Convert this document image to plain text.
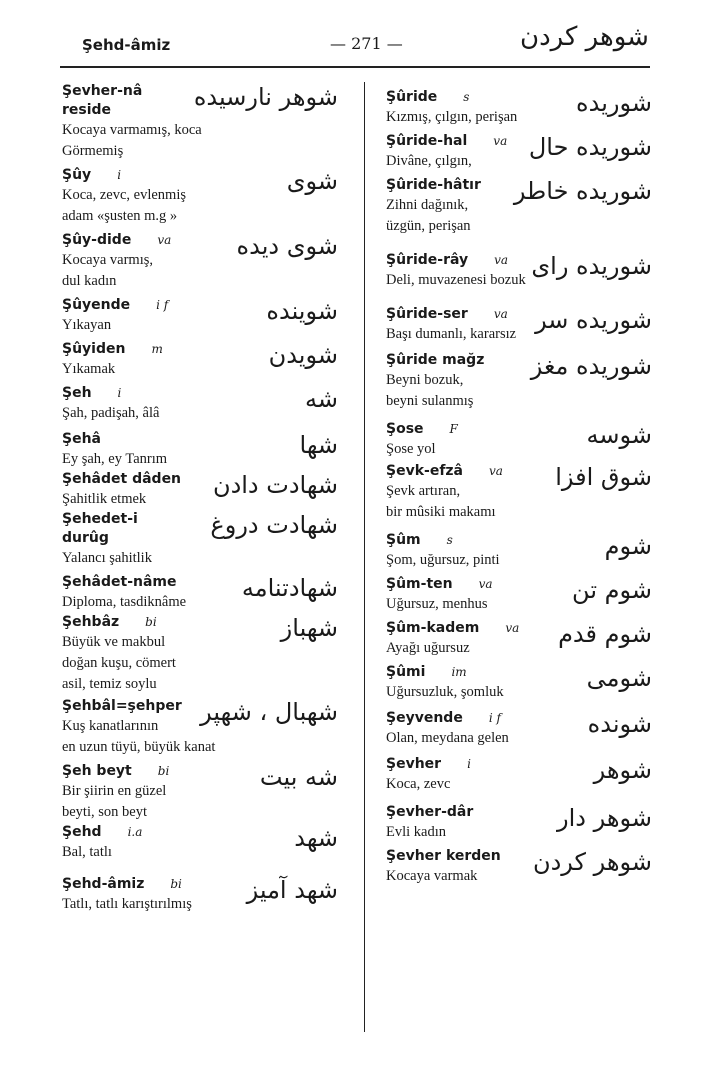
Şehd-âmiz	— 271 —	شوهر كردن
Şevher-nâ
reside	شوهر نارسيده
Kocaya varmamış, koca
Görmemiş
Şûy i	شوى
Koca, zevc, evlenmiş
adam «şusten m.g »
Şûy-dide va	شوى ديده
Kocaya varmış,
dul kadın
Şûyende i f	شوينده
Yıkayan
Şûyiden m	شويدن
Yıkamak
Şeh i	شه
Şah, padişah, âlâ
Şehâ	شها
Ey şah, ey Tanrım
Şehâdet dâden	شهادت دادن
Şahitlik etmek
Şehedet-i
durûg	شهادت دروغ
Yalancı şahitlik
Şehâdet-nâme	شهادتنامه
Diploma, tasdiknâme
Şehbâz bi	شهباز
Büyük ve makbul
doğan kuşu, cömert
asil, temiz soylu
Şehbâl=şehper شهبال ، شهپر
Kuş kanatlarının
en uzun tüyü, büyük kanat
Şeh beyt bi	شه بيت
Bir şiirin en güzel
beyti, son beyt
Şehd i.a	شهد
Bal, tatlı
Şehd-âmiz bi	شهد آميز
Tatlı, tatlı karıştırılmış
Şûride s	شوريده
Kızmış, çılgın, perişan
Şûride-hal va شوريده حال
Divâne, çılgın,
Şûride-hâtır	شوريده خاطر
Zihni dağınık,
üzgün, perişan
Şûride-rây va شوريده راى
Deli, muvazenesi bozuk
Şûride-ser va	شوريده سر
Başı dumanlı, kararsız
Şûride mağz	شوريده مغز
Beyni bozuk,
beyni sulanmış
Şose F	شوسه
Şose yol
Şevk-efzâ va	شوق افزا
Şevk artıran,
bir mûsiki makamı
Şûm s	شوم
Şom, uğursuz, pinti
Şûm-ten va	شوم تن
Uğursuz, menhus
Şûm-kadem va	شوم قدم
Ayağı uğursuz
Şûmi im	شومى
Uğursuzluk, şomluk
Şeyvende i f	شونده
Olan, meydana gelen
Şevher i	شوهر
Koca, zevc
Şevher-dâr	شوهر دار
Evli kadın
Şevher kerden	شوهر كردن
Kocaya varmak
